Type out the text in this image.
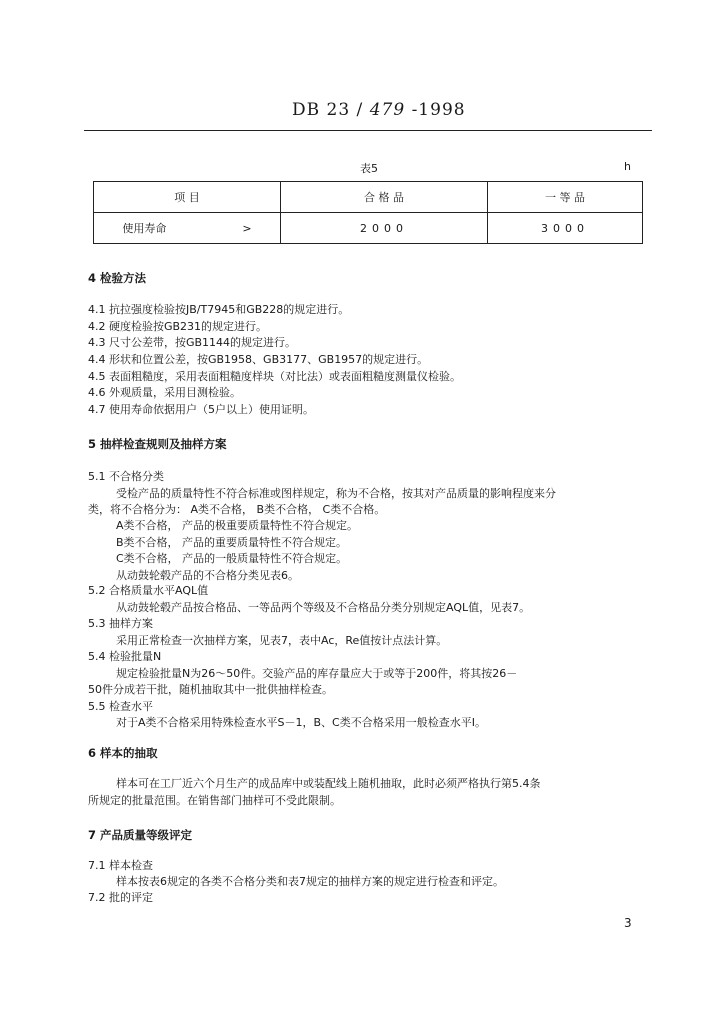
DB 23 / 479 -1998
表5	h
项 目	合 格 品	一 等 品
使用寿命 >	2000	3000
4 检验方法
4.1 抗拉强度检验按JB/T7945和GB228的规定进行。
4.2 硬度检验按GB231的规定进行。
4.3 尺寸公差带，按GB1144的规定进行。
4.4 形状和位置公差，按GB1958、GB3177、GB1957的规定进行。
4.5 表面粗糙度，采用表面粗糙度样块（对比法）或表面粗糙度测量仪检验。
4.6 外观质量，采用目测检验。
4.7 使用寿命依据用户（5户以上）使用证明。
5 抽样检查规则及抽样方案
5.1 不合格分类
受检产品的质量特性不符合标准或图样规定，称为不合格，按其对产品质量的影响程度来分
类，将不合格分为： A类不合格， B类不合格， C类不合格。
A类不合格， 产品的极重要质量特性不符合规定。
B类不合格， 产品的重要质量特性不符合规定。
C类不合格， 产品的一般质量特性不符合规定。
从动鼓轮毂产品的不合格分类见表6。
5.2 合格质量水平AQL值
从动鼓轮毂产品按合格品、一等品两个等级及不合格品分类分别规定AQL值，见表7。
5.3 抽样方案
采用正常检查一次抽样方案，见表7，表中Ac，Re值按计点法计算。
5.4 检验批量N
规定检验批量N为26～50件。交验产品的库存量应大于或等于200件，将其按26－
50件分成若干批，随机抽取其中一批供抽样检查。
5.5 检查水平
对于A类不合格采用特殊检查水平S－1，B、C类不合格采用一般检查水平Ⅰ。
6 样本的抽取
样本可在工厂近六个月生产的成品库中或装配线上随机抽取，此时必须严格执行第5.4条
所规定的批量范围。在销售部门抽样可不受此限制。
7 产品质量等级评定
7.1 样本检查
样本按表6规定的各类不合格分类和表7规定的抽样方案的规定进行检查和评定。
7.2 批的评定
3
